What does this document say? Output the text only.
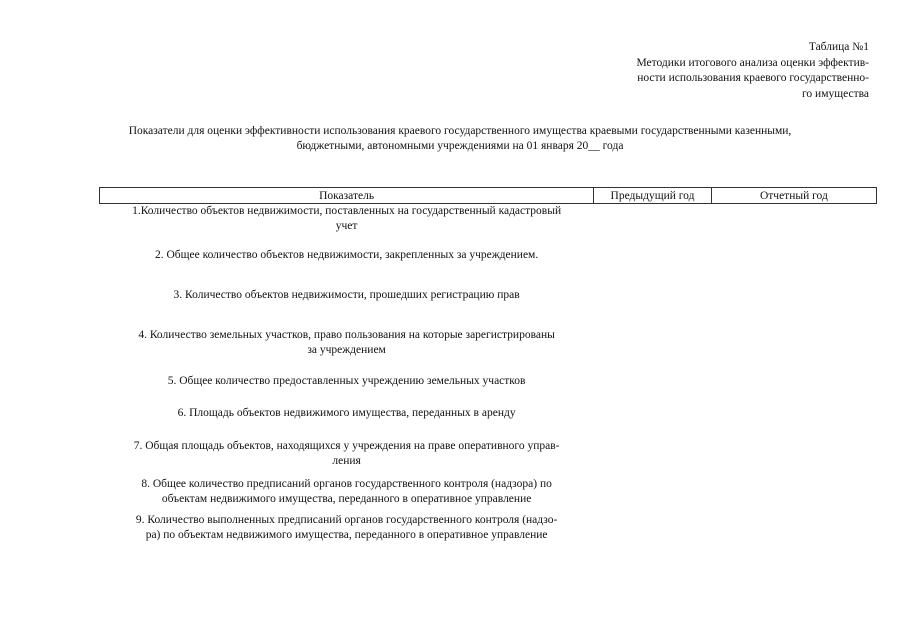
Таблица №1
Методики итогового анализа оценки эффектив-
ности использования краевого государственно-
го имущества
Показатели для оценки эффективности использования краевого государственного имущества краевыми государственными казенными,
бюджетными, автономными учреждениями на 01 января 20__ года
Показатель	Предыдущий год	Отчетный год
1.Количество объектов недвижимости, поставленных на государственный кадастровый
учет		
2. Общее количество объектов недвижимости, закрепленных за учреждением.		
3. Количество объектов недвижимости, прошедших регистрацию прав		
4. Количество земельных участков, право пользования на которые зарегистрированы
за учреждением		
5. Общее количество предоставленных учреждению земельных участков		
6. Площадь объектов недвижимого имущества, переданных в аренду		
7. Общая площадь объектов, находящихся у учреждения на праве оперативного управ-
ления		
8. Общее количество предписаний органов государственного контроля (надзора) по
объектам недвижимого имущества, переданного в оперативное управление		
9. Количество выполненных предписаний органов государственного контроля (надзо-
ра) по объектам недвижимого имущества, переданного в оперативное управление		
